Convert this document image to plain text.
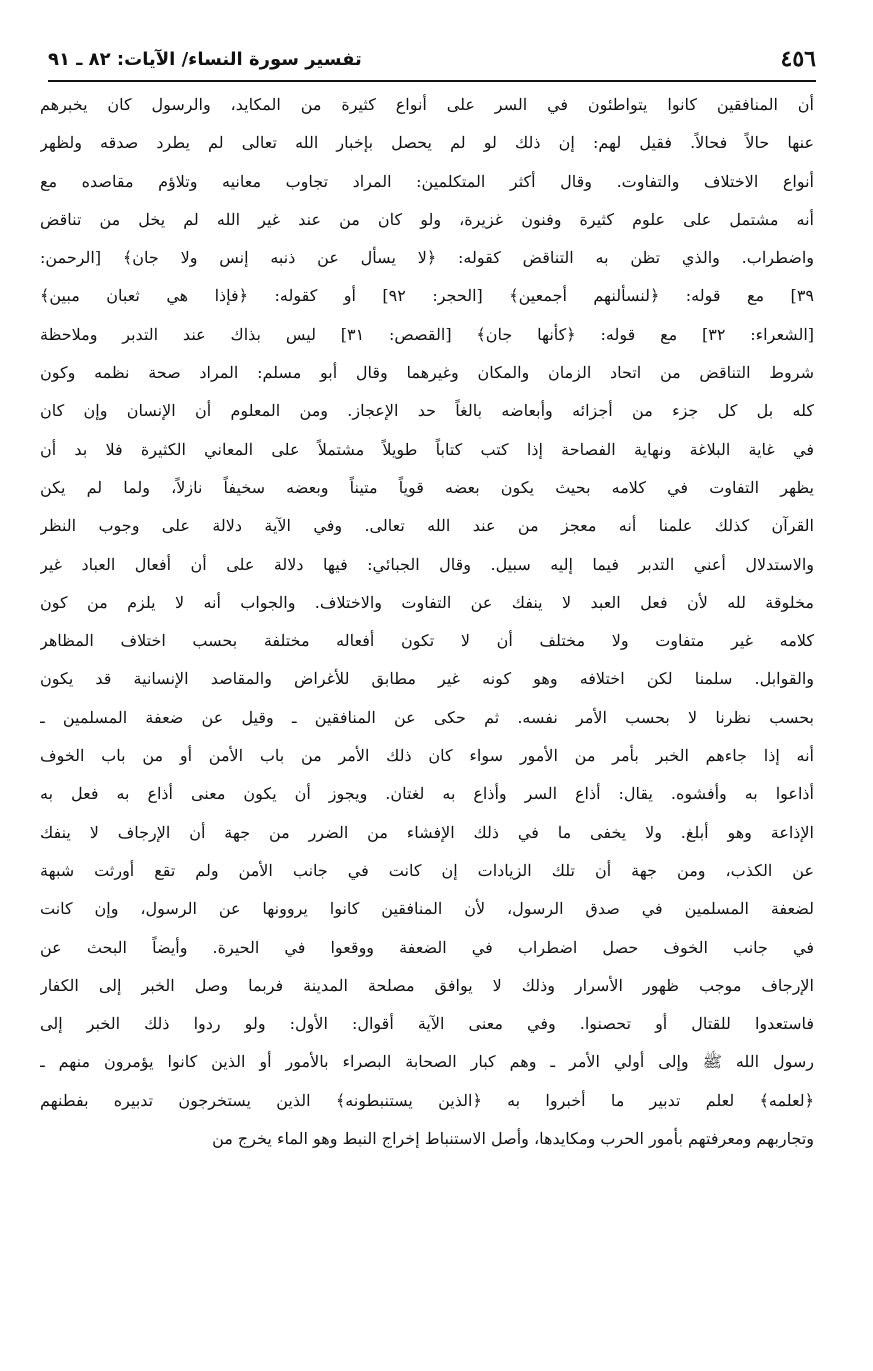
٤٥٦
تفسير سورة النساء/ الآيات: ٨٢ ـ ٩١
أن المنافقين كانوا يتواطئون في السر على أنواع كثيرة من المكايد، والرسول كان يخبرهم
عنها حالاً فحالاً. فقيل لهم: إن ذلك لو لم يحصل بإخبار الله تعالى لم يطرد صدقه ولظهر
أنواع الاختلاف والتفاوت. وقال أكثر المتكلمين: المراد تجاوب معانيه وتلاؤم مقاصده مع
أنه مشتمل على علوم كثيرة وفنون غزيرة، ولو كان من عند غير الله لم يخل من تناقض
واضطراب. والذي تظن به التناقض كقوله: ﴿لا يسأل عن ذنبه إنس ولا جان﴾ [الرحمن:
٣٩] مع قوله: ﴿لنسألنهم أجمعين﴾ [الحجر: ٩٢] أو كقوله: ﴿فإذا هي ثعبان مبين﴾
[الشعراء: ٣٢] مع قوله: ﴿كأنها جان﴾ [القصص: ٣١] ليس بذاك عند التدبر وملاحظة
شروط التناقض من اتحاد الزمان والمكان وغيرهما وقال أبو مسلم: المراد صحة نظمه وكون
كله بل كل جزء من أجزائه وأبعاضه بالغاً حد الإعجاز. ومن المعلوم أن الإنسان وإن كان
في غاية البلاغة ونهاية الفصاحة إذا كتب كتاباً طويلاً مشتملاً على المعاني الكثيرة فلا بد أن
يظهر التفاوت في كلامه بحيث يكون بعضه قوياً متيناً وبعضه سخيفاً نازلاً، ولما لم يكن
القرآن كذلك علمنا أنه معجز من عند الله تعالى. وفي الآية دلالة على وجوب النظر
والاستدلال أعني التدبر فيما إليه سبيل. وقال الجبائي: فيها دلالة على أن أفعال العباد غير
مخلوقة لله لأن فعل العبد لا ينفك عن التفاوت والاختلاف. والجواب أنه لا يلزم من كون
كلامه غير متفاوت ولا مختلف أن لا تكون أفعاله مختلفة بحسب اختلاف المظاهر
والقوابل. سلمنا لكن اختلافه وهو كونه غير مطابق للأغراض والمقاصد الإنسانية قد يكون
بحسب نظرنا لا بحسب الأمر نفسه. ثم حكى عن المنافقين ـ وقيل عن ضعفة المسلمين ـ
أنه إذا جاءهم الخبر بأمر من الأمور سواء كان ذلك الأمر من باب الأمن أو من باب الخوف
أذاعوا به وأفشوه. يقال: أذاع السر وأذاع به لغتان. ويجوز أن يكون معنى أذاع به فعل به
الإذاعة وهو أبلغ. ولا يخفى ما في ذلك الإفشاء من الضرر من جهة أن الإرجاف لا ينفك
عن الكذب، ومن جهة أن تلك الزيادات إن كانت في جانب الأمن ولم تقع أورثت شبهة
لضعفة المسلمين في صدق الرسول، لأن المنافقين كانوا يروونها عن الرسول، وإن كانت
في جانب الخوف حصل اضطراب في الضعفة ووقعوا في الحيرة. وأيضاً البحث عن
الإرجاف موجب ظهور الأسرار وذلك لا يوافق مصلحة المدينة فربما وصل الخبر إلى الكفار
فاستعدوا للقتال أو تحصنوا. وفي معنى الآية أقوال: الأول: ولو ردوا ذلك الخبر إلى
رسول الله ﷺ وإلى أولي الأمر ـ وهم كبار الصحابة البصراء بالأمور أو الذين كانوا يؤمرون منهم ـ
﴿لعلمه﴾ لعلم تدبير ما أخبروا به ﴿الذين يستنبطونه﴾ الذين يستخرجون تدبيره بفطنهم
وتجاربهم ومعرفتهم بأمور الحرب ومكايدها، وأصل الاستنباط إخراج النبط وهو الماء يخرج من
